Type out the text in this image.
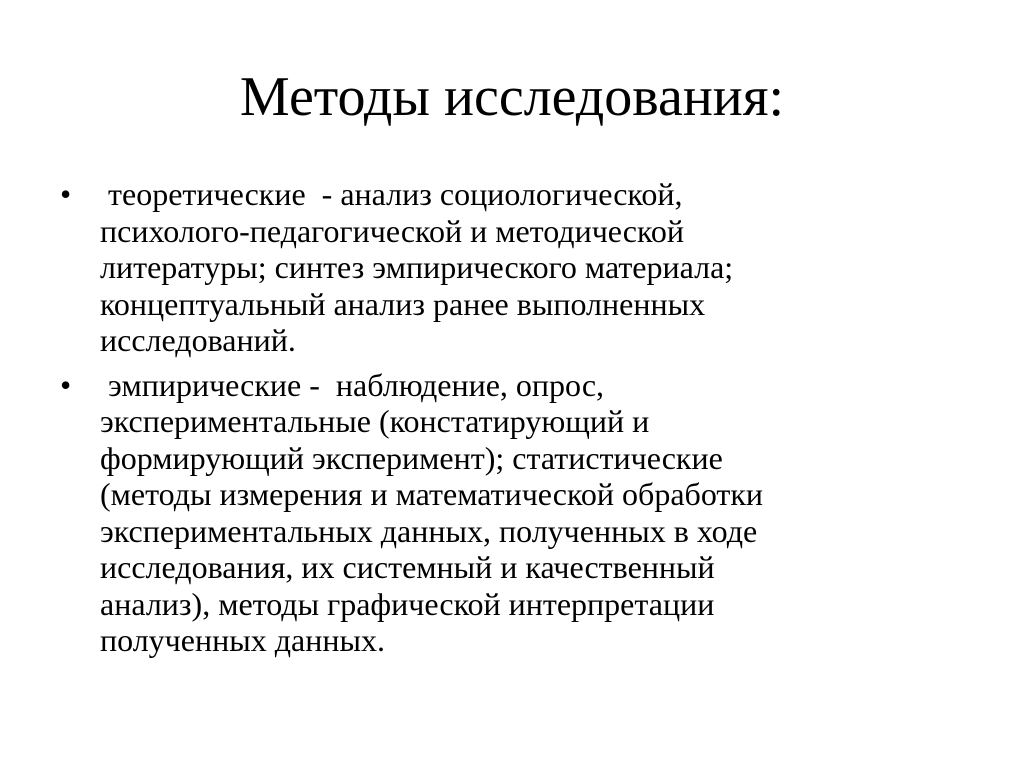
Методы исследования:
• теоретические  - анализ социологической,
психолого-педагогической и методической
литературы; синтез эмпирического материала;
концептуальный анализ ранее выполненных
исследований.
• эмпирические -  наблюдение, опрос,
экспериментальные (констатирующий и
формирующий эксперимент); статистические
(методы измерения и математической обработки
экспериментальных данных, полученных в ходе
исследования, их системный и качественный
анализ), методы графической интерпретации
полученных данных.
